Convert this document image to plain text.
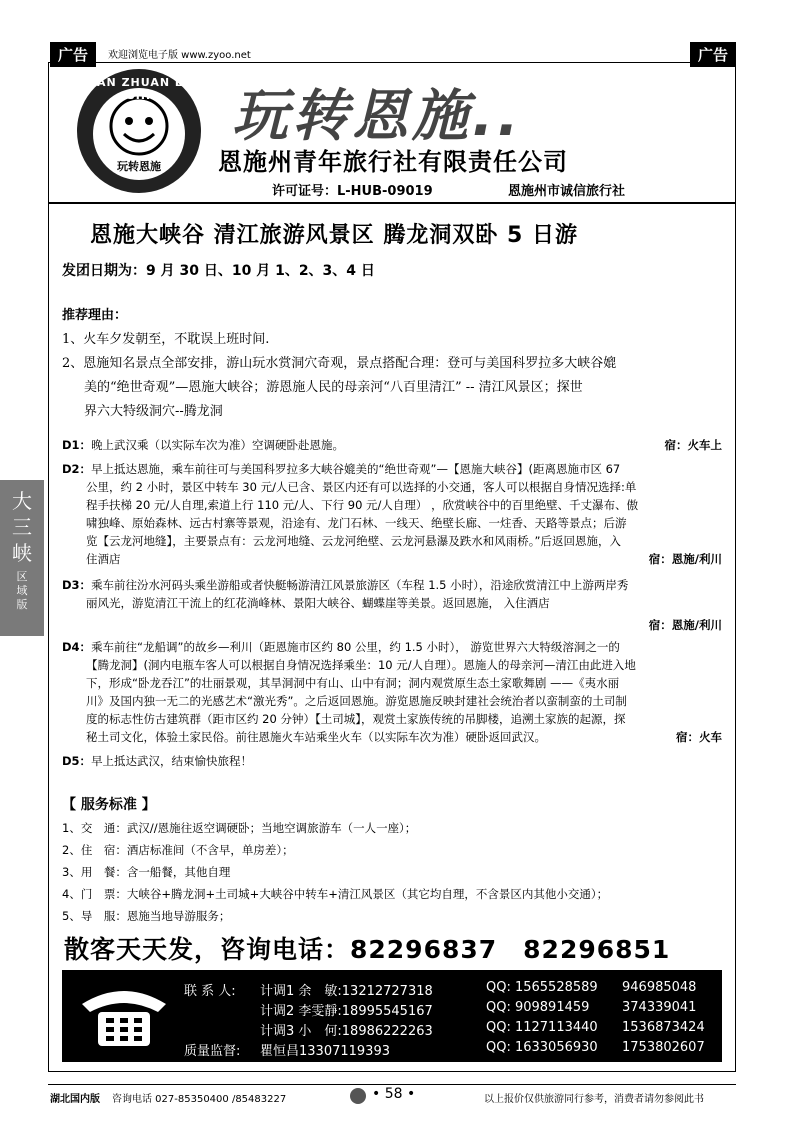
广告	欢迎浏览电子版 www.zyoo.net	广告
WAN ZHUAN EN SHI
玩转恩施
玩转恩施..
恩施州青年旅行社有限责任公司
许可证号：L-HUB-09019	恩施州市诚信旅行社
恩施大峡谷 清江旅游风景区 腾龙洞双卧 5 日游
发团日期为：9 月 30 日、10 月 1、2、3、4 日
推荐理由：
1、火车夕发朝至，不耽误上班时间.
2、恩施知名景点全部安排，游山玩水赏洞穴奇观，景点搭配合理：登可与美国科罗拉多大峡谷媲
美的“绝世奇观”—恩施大峡谷；游恩施人民的母亲河“八百里清江” -- 清江风景区；探世
界六大特级洞穴--腾龙洞
大三峡
区域版
D1：晚上武汉乘（以实际车次为准）空调硬卧赴恩施。	宿：火车上
D2：早上抵达恩施，乘车前往可与美国科罗拉多大峡谷媲美的“绝世奇观”—【恩施大峡谷】(距离恩施市区 67
公里，约 2 小时，景区中转车 30 元/人已含、景区内还有可以选择的小交通，客人可以根据自身情况选择:单
程手扶梯 20 元/人自理,索道上行 110 元/人、下行 90 元/人自理） ，欣赏峡谷中的百里绝壁、千丈瀑布、傲
啸独峰、原始森林、远古村寨等景观，沿途有、龙门石林、一线天、绝壁长廊、一炷香、天路等景点；后游
览【云龙河地缝】，主要景点有：云龙河地缝、云龙河绝壁、云龙河悬瀑及跌水和风雨桥。”后返回恩施，入
住酒店	宿：恩施/利川
D3：乘车前往汾水河码头乘坐游船或者快艇畅游清江风景旅游区（车程 1.5 小时），沿途欣赏清江中上游两岸秀
丽风光，游览清江干流上的红花淌峰林、景阳大峡谷、蝴蝶崖等美景。返回恩施， 入住酒店
宿：恩施/利川
D4：乘车前往“龙船调”的故乡—利川（距恩施市区约 80 公里，约 1.5 小时）， 游览世界六大特级溶洞之一的
【腾龙洞】(洞内电瓶车客人可以根据自身情况选择乘坐：10 元/人自理）。恩施人的母亲河—清江由此进入地
下，形成“卧龙吞江”的壮丽景观，其旱洞洞中有山、山中有洞；洞内观赏原生态土家歌舞剧 ——《夷水丽
川》及国内独一无二的光感艺术“激光秀”。之后返回恩施。游览恩施反映封建社会统治者以蛮制蛮的土司制
度的标志性仿古建筑群（距市区约 20 分钟）【土司城】，观赏土家族传统的吊脚楼，追溯土家族的起源，探
秘土司文化，体验土家民俗。前往恩施火车站乘坐火车（以实际车次为准）硬卧返回武汉。	宿：火车
D5：早上抵达武汉，结束愉快旅程！
【 服务标准 】
1、交　通：武汉//恩施往返空调硬卧；当地空调旅游车（一人一座）；
2、住　宿：酒店标准间（不含早，单房差）；
3、用　餐：含一船餐，其他自理
4、门　票：大峡谷+腾龙洞+土司城+大峡谷中转车+清江风景区（其它均自理，不含景区内其他小交通）；
5、导　服：恩施当地导游服务；
散客天天发，咨询电话：82296837　82296851
联 系 人: 计调1 余　敏:13212727318	QQ: 1565528589 946985048
计调2 李雯靜:18995545167	QQ: 909891459	374339041
计调3 小　何:18986222263	QQ: 1127113440 1536873424
质量监督: 瞿恒昌13307119393	QQ: 1633056930 1753802607
湖北国内版 咨询电话 027-85350400 /85483227	• 58 •	以上报价仅供旅游同行参考，消费者请勿参阅此书
